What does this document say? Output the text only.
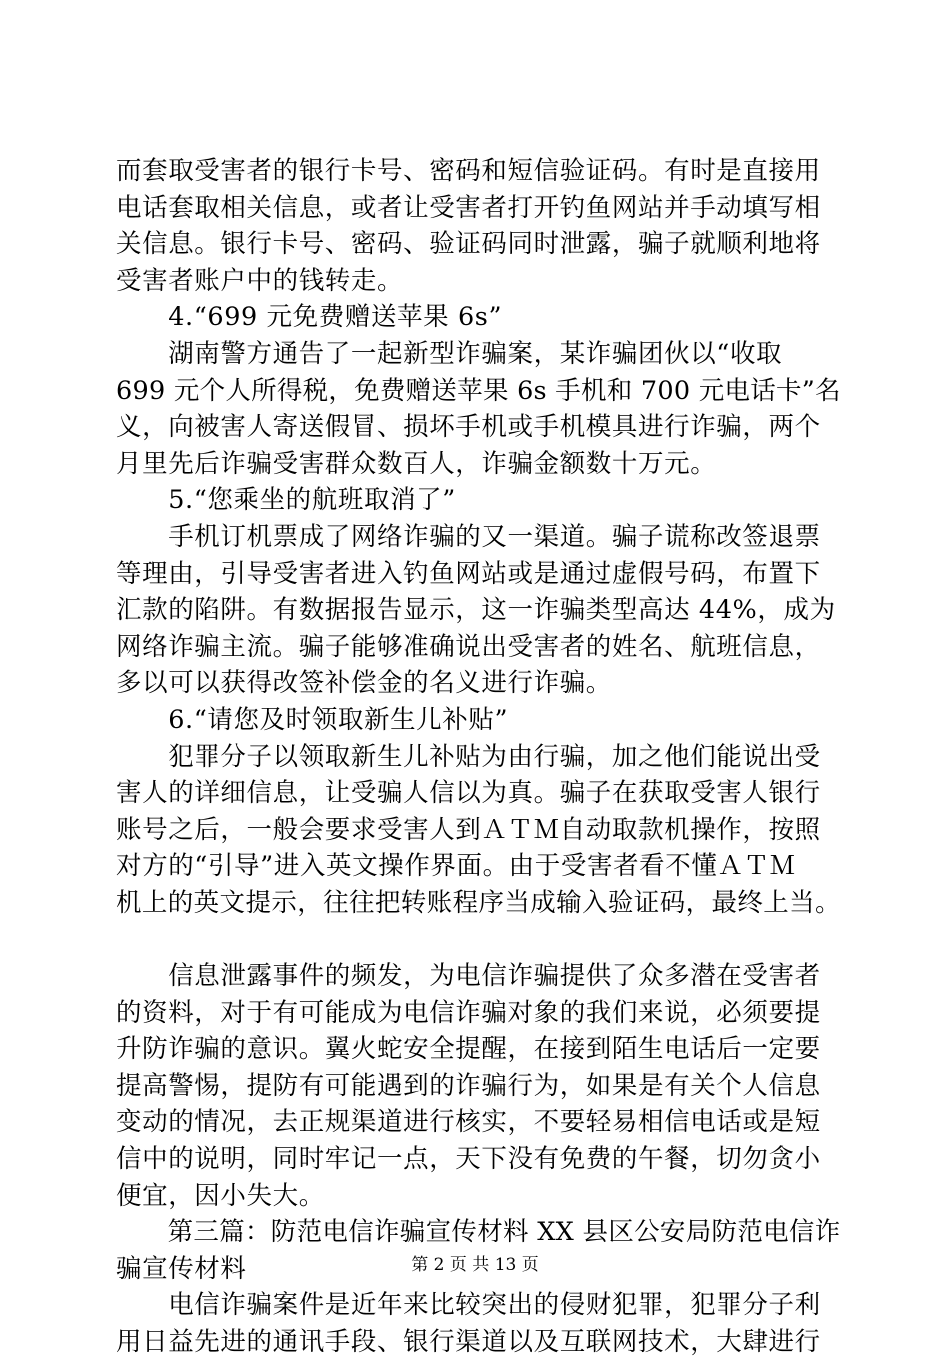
而套取受害者的银行卡号、密码和短信验证码。有时是直接用
电话套取相关信息，或者让受害者打开钓鱼网站并手动填写相
关信息。银行卡号、密码、验证码同时泄露，骗子就顺利地将
受害者账户中的钱转走。
　　4.“699 元免费赠送苹果 6s”
　　湖南警方通告了一起新型诈骗案，某诈骗团伙以“收取
699 元个人所得税，免费赠送苹果 6s 手机和 700 元电话卡”名
义，向被害人寄送假冒、损坏手机或手机模具进行诈骗，两个
月里先后诈骗受害群众数百人，诈骗金额数十万元。
　　5.“您乘坐的航班取消了”
　　手机订机票成了网络诈骗的又一渠道。骗子谎称改签退票
等理由，引导受害者进入钓鱼网站或是通过虚假号码，布置下
汇款的陷阱。有数据报告显示，这一诈骗类型高达 44%，成为
网络诈骗主流。骗子能够准确说出受害者的姓名、航班信息，
多以可以获得改签补偿金的名义进行诈骗。
　　6.“请您及时领取新生儿补贴”
　　犯罪分子以领取新生儿补贴为由行骗，加之他们能说出受
害人的详细信息，让受骗人信以为真。骗子在获取受害人银行
账号之后，一般会要求受害人到ＡＴＭ自动取款机操作，按照
对方的“引导”进入英文操作界面。由于受害者看不懂ＡＴＭ
机上的英文提示，往往把转账程序当成输入验证码，最终上当。
　　信息泄露事件的频发，为电信诈骗提供了众多潜在受害者
的资料，对于有可能成为电信诈骗对象的我们来说，必须要提
升防诈骗的意识。翼火蛇安全提醒，在接到陌生电话后一定要
提高警惕，提防有可能遇到的诈骗行为，如果是有关个人信息
变动的情况，去正规渠道进行核实，不要轻易相信电话或是短
信中的说明，同时牢记一点，天下没有免费的午餐，切勿贪小
便宜，因小失大。
　　第三篇：防范电信诈骗宣传材料 XX 县区公安局防范电信诈
骗宣传材料
　　电信诈骗案件是近年来比较突出的侵财犯罪，犯罪分子利
用日益先进的通讯手段、银行渠道以及互联网技术，大肆进行
第 2 页 共 13 页
